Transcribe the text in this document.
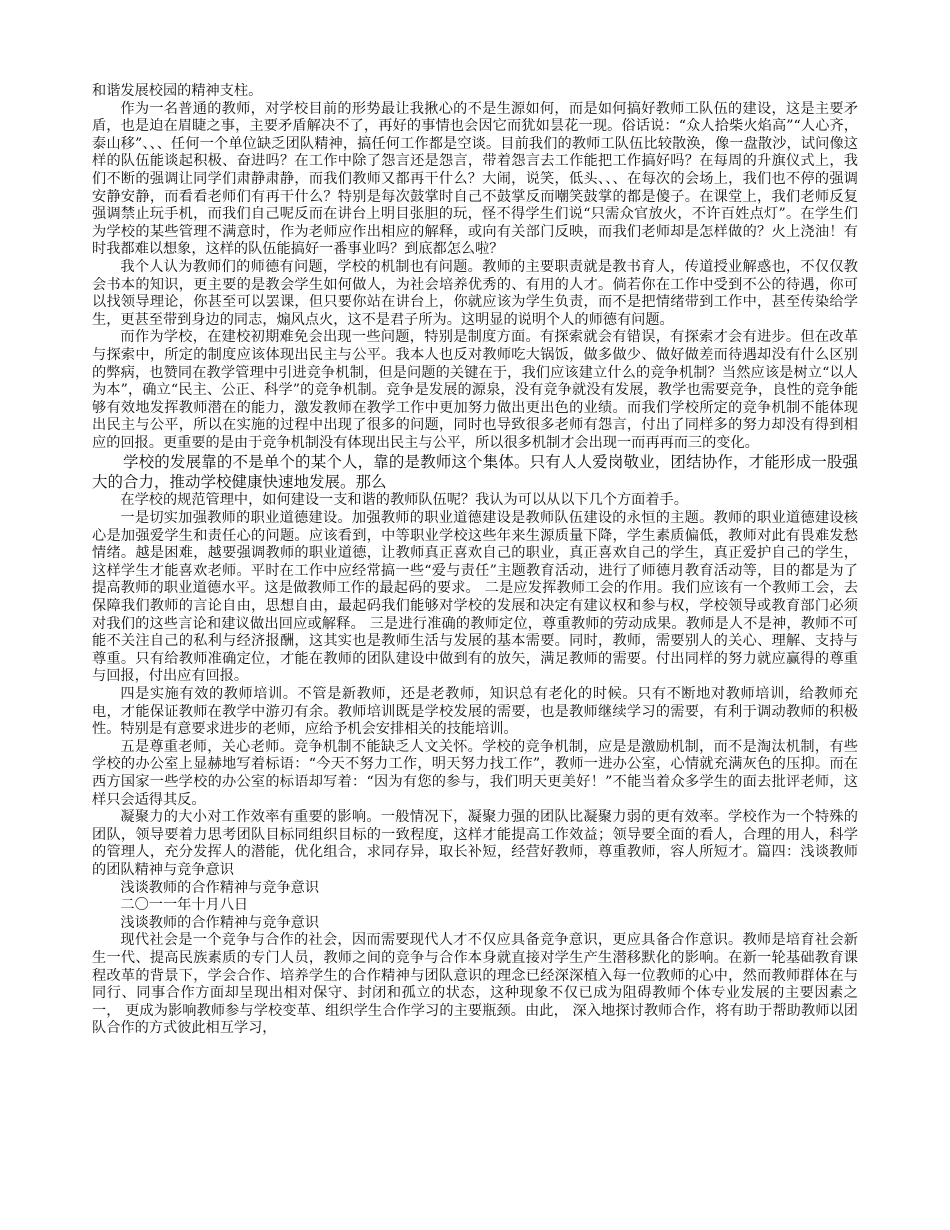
和谐发展校园的精神支柱。

作为一名普通的教师，对学校目前的形势最让我揪心的不是生源如何，而是如何搞好教师工队伍的建设，这是主要矛盾，也是迫在眉睫之事，主要矛盾解决不了，再好的事情也会因它而犹如昙花一现。俗话说：“众人拾柴火焰高”“人心齐，泰山移”、、、任何一个单位缺乏团队精神，搞任何工作都是空谈。目前我们的教师工队伍比较散涣，像一盘散沙，试问像这样的队伍能谈起积极、奋进吗？在工作中除了怨言还是怨言，带着怨言去工作能把工作搞好吗？在每周的升旗仪式上，我们不断的强调让同学们肃静肃静，而我们教师又都再干什么？大闹，说笑，低头、、、在每次的会场上，我们也不停的强调安静安静，而看看老师们有再干什么？特别是每次鼓掌时自己不鼓掌反而嘲笑鼓掌的都是傻子。在课堂上，我们老师反复强调禁止玩手机，而我们自己呢反而在讲台上明目张胆的玩，怪不得学生们说“只需众官放火，不许百姓点灯”。在学生们为学校的某些管理不满意时，作为老师应作出相应的解释，或向有关部门反映，而我们老师却是怎样做的？火上浇油！有时我都难以想象，这样的队伍能搞好一番事业吗？到底都怎么啦？

我个人认为教师们的师德有问题，学校的机制也有问题。教师的主要职责就是教书育人，传道授业解惑也，不仅仅教会书本的知识，更主要的是教会学生如何做人，为社会培养优秀的、有用的人才。倘若你在工作中受到不公的待遇，你可以找领导理论，你甚至可以罢课，但只要你站在讲台上，你就应该为学生负责，而不是把情绪带到工作中，甚至传染给学生，更甚至带到身边的同志，煽风点火，这不是君子所为。这明显的说明个人的师德有问题。

而作为学校，在建校初期难免会出现一些问题，特别是制度方面。有探索就会有错误，有探索才会有进步。但在改革与探索中，所定的制度应该体现出民主与公平。我本人也反对教师吃大锅饭，做多做少、做好做差而待遇却没有什么区别的弊病，也赞同在教学管理中引进竞争机制，但是问题的关键在于，我们应该建立什么的竞争机制？当然应该是树立“以人为本”，确立“民主、公正、科学”的竞争机制。竞争是发展的源泉，没有竞争就没有发展，教学也需要竞争，良性的竞争能够有效地发挥教师潜在的能力，激发教师在教学工作中更加努力做出更出色的业绩。而我们学校所定的竞争机制不能体现出民主与公平，所以在实施的过程中出现了很多的问题，同时也导致很多老师有怨言，付出了同样多的努力却没有得到相应的回报。更重要的是由于竞争机制没有体现出民主与公平，所以很多机制才会出现一而再再而三的变化。

学校的发展靠的不是单个的某个人，靠的是教师这个集体。只有人人爱岗敬业，团结协作，才能形成一股强大的合力，推动学校健康快速地发展。那么

在学校的规范管理中，如何建设一支和谐的教师队伍呢？我认为可以从以下几个方面着手。

一是切实加强教师的职业道德建设。加强教师的职业道德建设是教师队伍建设的永恒的主题。教师的职业道德建设核心是加强爱学生和责任心的问题。应该看到，中等职业学校这些年来生源质量下降，学生素质偏低，教师对此有畏难发愁情绪。越是困难，越要强调教师的职业道德，让教师真正喜欢自己的职业，真正喜欢自己的学生，真正爱护自己的学生，这样学生才能喜欢老师。平时在工作中应经常搞一些“爱与责任”主题教育活动，进行了师德月教育活动等，目的都是为了提高教师的职业道德水平。这是做教师工作的最起码的要求。 二是应发挥教师工会的作用。我们应该有一个教师工会，去保障我们教师的言论自由，思想自由，最起码我们能够对学校的发展和决定有建议权和参与权，学校领导或教育部门必须对我们的这些言论和建议做出回应或解释。 三是进行准确的教师定位，尊重教师的劳动成果。教师是人不是神，教师不可能不关注自己的私利与经济报酬，这其实也是教师生活与发展的基本需要。同时，教师，需要别人的关心、理解、支持与尊重。只有给教师准确定位，才能在教师的团队建设中做到有的放矢，满足教师的需要。付出同样的努力就应赢得的尊重与回报，付出应有回报。

四是实施有效的教师培训。不管是新教师，还是老教师，知识总有老化的时候。只有不断地对教师培训，给教师充电，才能保证教师在教学中游刃有余。教师培训既是学校发展的需要，也是教师继续学习的需要，有利于调动教师的积极性。特别是有意要求进步的老师，应给予机会安排相关的技能培训。

五是尊重老师，关心老师。竞争机制不能缺乏人文关怀。学校的竞争机制，应是是激励机制，而不是淘汰机制，有些学校的办公室上显赫地写着标语：“今天不努力工作，明天努力找工作”，教师一进办公室，心情就充满灰色的压抑。而在西方国家一些学校的办公室的标语却写着：“因为有您的参与，我们明天更美好！”不能当着众多学生的面去批评老师，这样只会适得其反。

凝聚力的大小对工作效率有重要的影响。一般情况下，凝聚力强的团队比凝聚力弱的更有效率。学校作为一个特殊的团队，领导要着力思考团队目标同组织目标的一致程度，这样才能提高工作效益；领导要全面的看人，合理的用人，科学的管理人，充分发挥人的潜能，优化组合，求同存异，取长补短，经营好教师，尊重教师，容人所短才。篇四：浅谈教师的团队精神与竞争意识

浅谈教师的合作精神与竞争意识

二〇一一年十月八日

浅谈教师的合作精神与竞争意识

现代社会是一个竞争与合作的社会，因而需要现代人才不仅应具备竞争意识，更应具备合作意识。教师是培育社会新生一代、提高民族素质的专门人员，教师之间的竞争与合作本身就直接对学生产生潜移默化的影响。在新一轮基础教育课程改革的背景下，学会合作、培养学生的合作精神与团队意识的理念已经深深植入每一位教师的心中，然而教师群体在与同行、同事合作方面却呈现出相对保守、封闭和孤立的状态，这种现象不仅已成为阻碍教师个体专业发展的主要因素之一， 更成为影响教师参与学校变革、组织学生合作学习的主要瓶颈。由此， 深入地探讨教师合作，将有助于帮助教师以团队合作的方式彼此相互学习，
